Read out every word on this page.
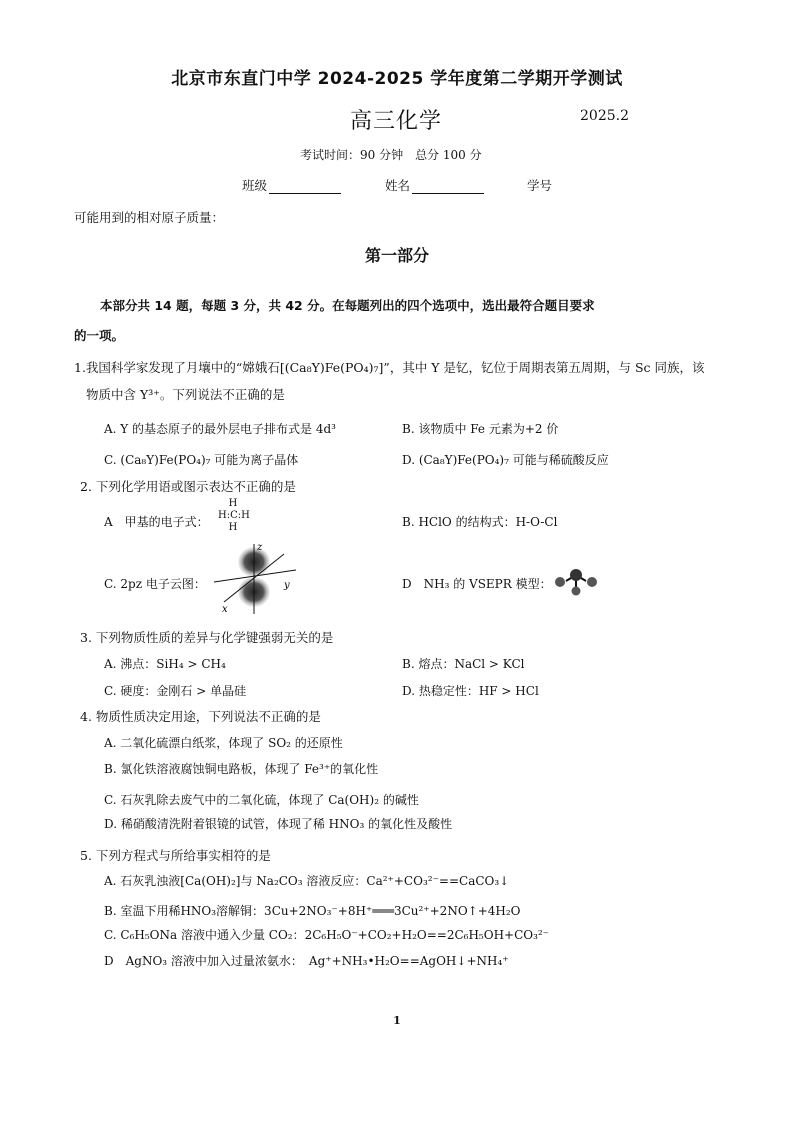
北京市东直门中学 2024-2025 学年度第二学期开学测试
高三化学	2025.2
考试时间：90 分钟　总分 100 分
班级	姓名	学号
可能用到的相对原子质量：
第一部分
本部分共 14 题，每题 3 分，共 42 分。在每题列出的四个选项中，选出最符合题目要求
的一项。
1.我国科学家发现了月壤中的“嫦娥石[(Ca₈Y)Fe(PO₄)₇]”，其中 Y 是钇，钇位于周期表第五周期，与 Sc 同族，该
物质中含 Y³⁺。下列说法不正确的是
A. Y 的基态原子的最外层电子排布式是 4d³	B. 该物质中 Fe 元素为+2 价
C. (Ca₈Y)Fe(PO₄)₇ 可能为离子晶体	D. (Ca₈Y)Fe(PO₄)₇ 可能与稀硫酸反应
2. 下列化学用语或图示表达不正确的是
A　甲基的电子式：
H
H:C:H
H	B. HClO 的结构式：H-O-Cl
C. 2pz 电子云图：
z
x
y	D　NH₃ 的 VSEPR 模型：
3. 下列物质性质的差异与化学键强弱无关的是
A. 沸点：SiH₄ > CH₄	B. 熔点：NaCl > KCl
C. 硬度：金刚石 > 单晶硅	D. 热稳定性：HF > HCl
4. 物质性质决定用途，下列说法不正确的是
A. 二氧化硫漂白纸浆，体现了 SO₂ 的还原性
B. 氯化铁溶液腐蚀铜电路板，体现了 Fe³⁺的氧化性
C. 石灰乳除去废气中的二氧化硫，体现了 Ca(OH)₂ 的碱性
D. 稀硝酸清洗附着银镜的试管，体现了稀 HNO₃ 的氧化性及酸性
5. 下列方程式与所给事实相符的是
A. 石灰乳浊液[Ca(OH)₂]与 Na₂CO₃ 溶液反应：Ca²⁺+CO₃²⁻==CaCO₃↓
B. 室温下用稀HNO₃溶解铜：3Cu+2NO₃⁻+8H⁺═══3Cu²⁺+2NO↑+4H₂O
C. C₆H₅ONa 溶液中通入少量 CO₂：2C₆H₅O⁻+CO₂+H₂O==2C₆H₅OH+CO₃²⁻
D　AgNO₃ 溶液中加入过量浓氨水：　Ag⁺+NH₃•H₂O==AgOH↓+NH₄⁺
1
